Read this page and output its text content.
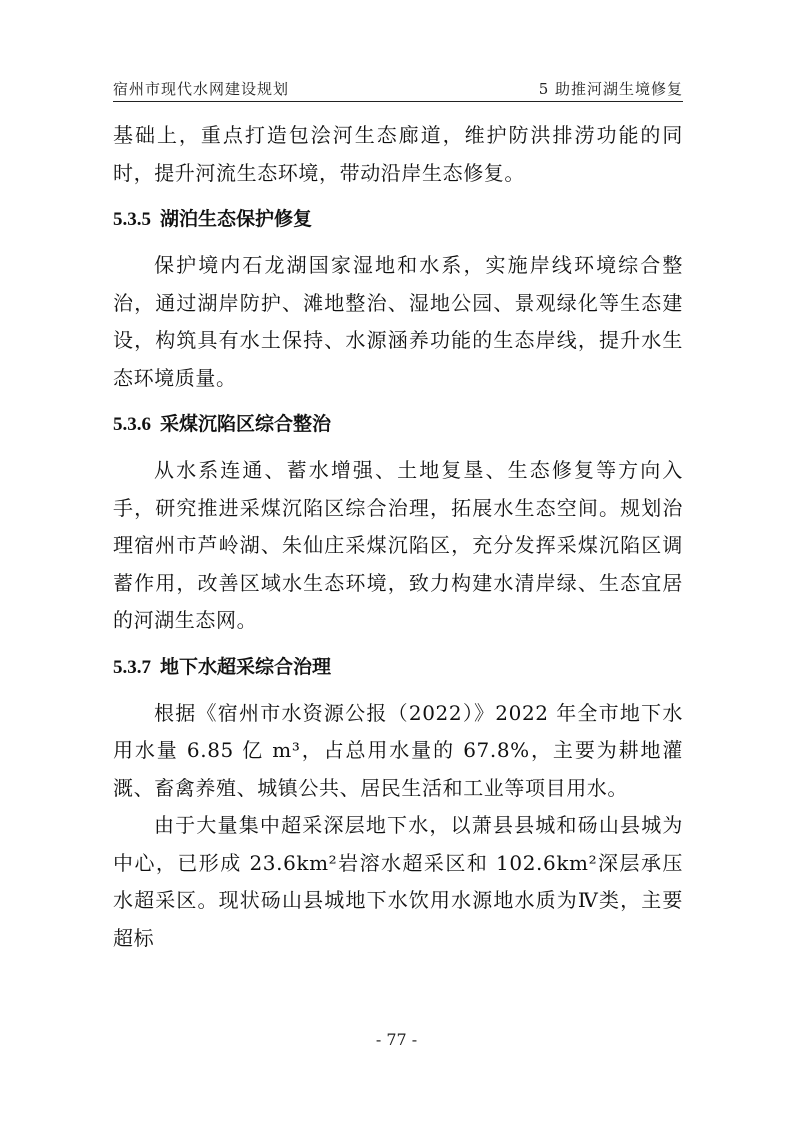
宿州市现代水网建设规划	5 助推河湖生境修复

基础上，重点打造包浍河生态廊道，维护防洪排涝功能的同时，提升河流生态环境，带动沿岸生态修复。

5.3.5 湖泊生态保护修复

保护境内石龙湖国家湿地和水系，实施岸线环境综合整治，通过湖岸防护、滩地整治、湿地公园、景观绿化等生态建设，构筑具有水土保持、水源涵养功能的生态岸线，提升水生态环境质量。

5.3.6 采煤沉陷区综合整治

从水系连通、蓄水增强、土地复垦、生态修复等方向入手，研究推进采煤沉陷区综合治理，拓展水生态空间。规划治理宿州市芦岭湖、朱仙庄采煤沉陷区，充分发挥采煤沉陷区调蓄作用，改善区域水生态环境，致力构建水清岸绿、生态宜居的河湖生态网。

5.3.7 地下水超采综合治理

根据《宿州市水资源公报（2022）》2022 年全市地下水用水量 6.85 亿 m³，占总用水量的 67.8%，主要为耕地灌溉、畜禽养殖、城镇公共、居民生活和工业等项目用水。

由于大量集中超采深层地下水，以萧县县城和砀山县城为中心，已形成 23.6km²岩溶水超采区和 102.6km²深层承压水超采区。现状砀山县城地下水饮用水源地水质为Ⅳ类，主要超标

- 77 -
